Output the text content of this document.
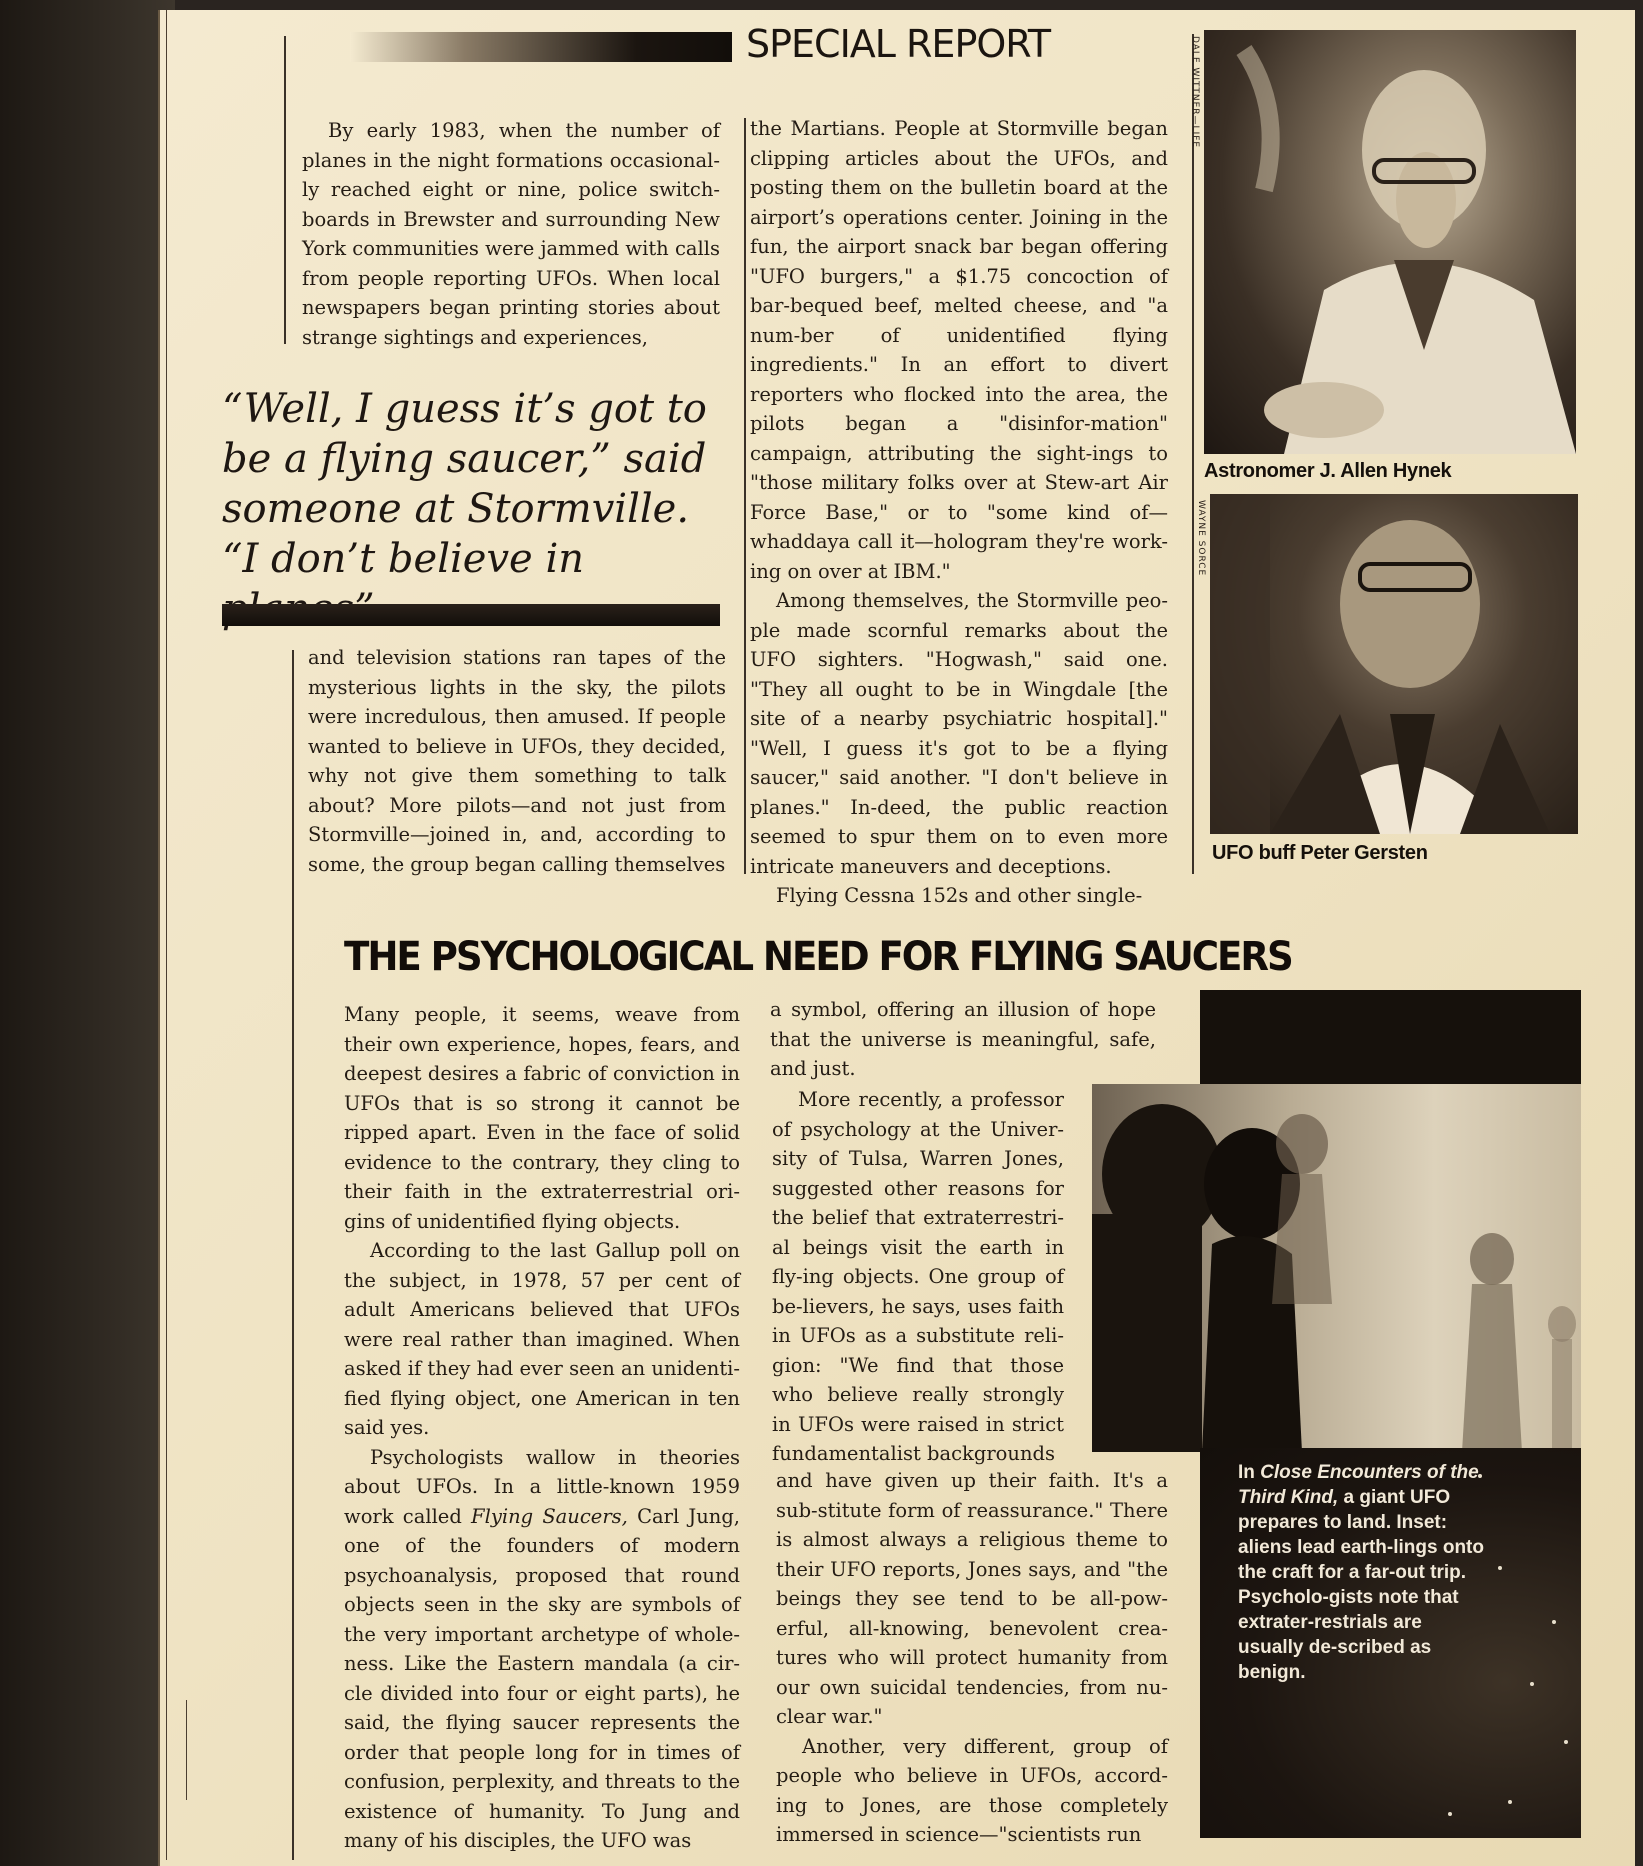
SPECIAL REPORT

By early 1983, when the number of planes in the night formations occasional-ly reached eight or nine, police switch-boards in Brewster and surrounding New York communities were jammed with calls from people reporting UFOs. When local newspapers began printing stories about strange sightings and experiences,

“Well, I guess it’s got to be a flying saucer,” said someone at Stormville. “I don’t believe in

and television stations ran tapes of the mysterious lights in the sky, the pilots were incredulous, then amused. If people wanted to believe in UFOs, they decided, why not give them something to talk about? More pilots—and not just from Stormville—joined in, and, according to some, the group began calling themselves

the Martians. People at Stormville began clipping articles about the UFOs, and posting them on the bulletin board at the airport’s operations center. Joining in the fun, the airport snack bar began offering "UFO burgers," a $1.75 concoction of bar-bequed beef, melted cheese, and "a num-ber of unidentified flying ingredients." In an effort to divert reporters who flocked into the area, the pilots began a "disinfor-mation" campaign, attributing the sight-ings to "those military folks over at Stew-art Air Force Base," or to "some kind of—whaddaya call it—hologram they're work-ing on over at IBM."

Among themselves, the Stormville peo-ple made scornful remarks about the UFO sighters. "Hogwash," said one. "They all ought to be in Wingdale [the site of a nearby psychiatric hospital]." "Well, I guess it's got to be a flying saucer," said another. "I don't believe in planes." In-deed, the public reaction seemed to spur them on to even more intricate maneuvers and deceptions.

Flying Cessna 152s and other single-

DALE WITTNER—LIFE
Astronomer J. Allen Hynek
WAYNE SORCE
UFO buff Peter Gersten
THE PSYCHOLOGICAL NEED FOR FLYING SAUCERS

Many people, it seems, weave from their own experience, hopes, fears, and deepest desires a fabric of conviction in UFOs that is so strong it cannot be ripped apart. Even in the face of solid evidence to the contrary, they cling to their faith in the extraterrestrial ori-gins of unidentified flying objects.

According to the last Gallup poll on the subject, in 1978, 57 per cent of adult Americans believed that UFOs were real rather than imagined. When asked if they had ever seen an unidenti-fied flying object, one American in ten said yes.

Psychologists wallow in theories about UFOs. In a little-known 1959 work called Flying Saucers, Carl Jung, one of the founders of modern psychoanalysis, proposed that round objects seen in the sky are symbols of the very important archetype of whole-ness. Like the Eastern mandala (a cir-cle divided into four or eight parts), he said, the flying saucer represents the order that people long for in times of confusion, perplexity, and threats to the existence of humanity. To Jung and many of his disciples, the UFO was

a symbol, offering an illusion of hope that the universe is meaningful, safe, and just.

More recently, a professor of psychology at the Univer-sity of Tulsa, Warren Jones, suggested other reasons for the belief that extraterrestri-al beings visit the earth in fly-ing objects. One group of be-lievers, he says, uses faith in UFOs as a substitute reli-gion: "We find that those who believe really strongly in UFOs were raised in strict fundamentalist backgrounds

and have given up their faith. It's a sub-stitute form of reassurance." There is almost always a religious theme to their UFO reports, Jones says, and "the beings they see tend to be all-pow-erful, all-knowing, benevolent crea-tures who will protect humanity from our own suicidal tendencies, from nu-clear war."

Another, very different, group of people who believe in UFOs, accord-ing to Jones, are those completely immersed in science—"scientists run

In Close Encounters of the Third Kind, a giant UFO prepares to land. Inset: aliens lead earth-lings onto the craft for a far-out trip. Psycholo-gists note that extrater-restrials are usually de-scribed as benign.
